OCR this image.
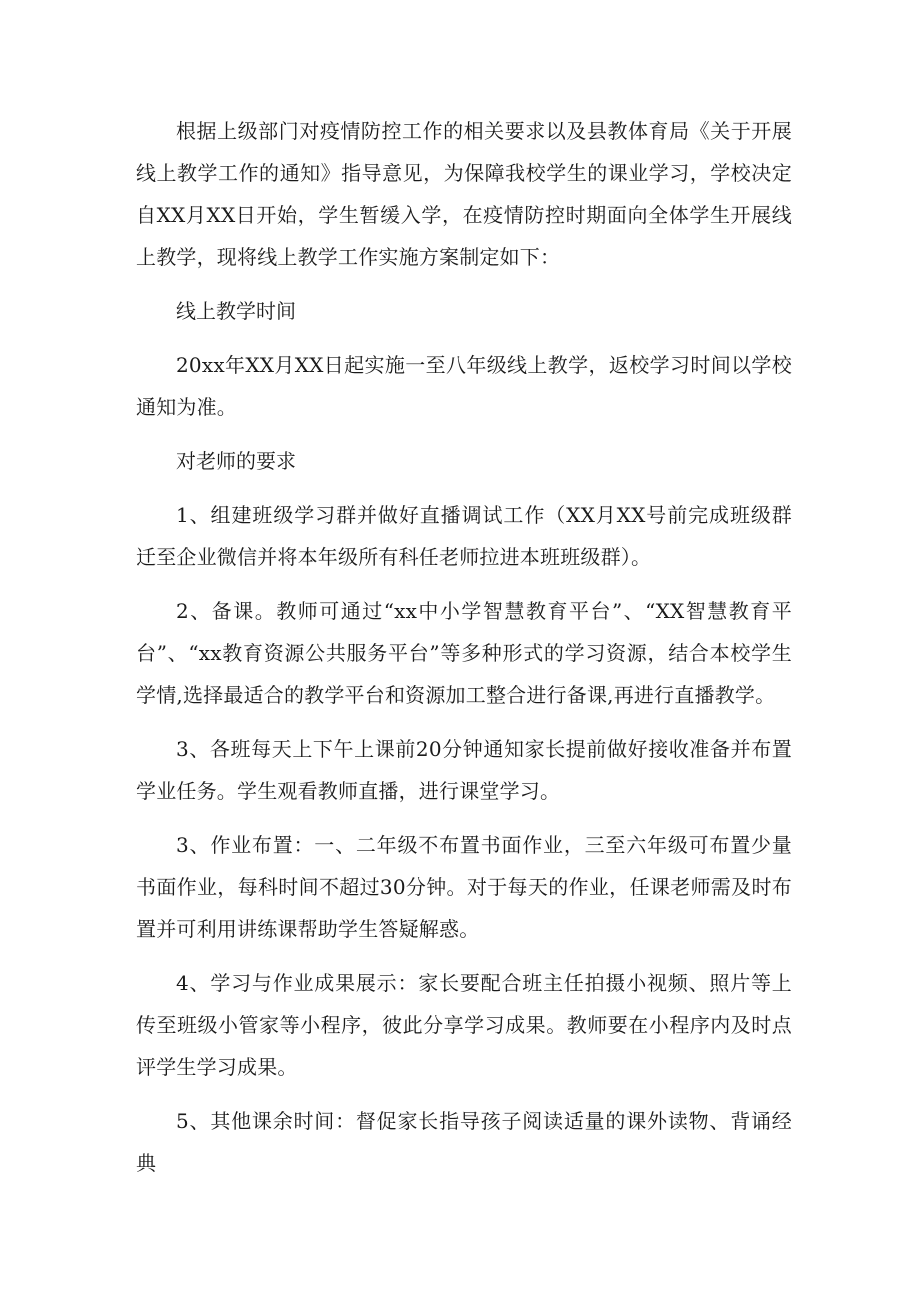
根据上级部门对疫情防控工作的相关要求以及县教体育局《关于开展线上教学工作的通知》指导意见，为保障我校学生的课业学习，学校决定自XX月XX日开始，学生暂缓入学，在疫情防控时期面向全体学生开展线上教学，现将线上教学工作实施方案制定如下：

线上教学时间

20xx年XX月XX日起实施一至八年级线上教学，返校学习时间以学校通知为准。

对老师的要求

1、组建班级学习群并做好直播调试工作（XX月XX号前完成班级群迁至企业微信并将本年级所有科任老师拉进本班班级群）。

2、备课。教师可通过“xx中小学智慧教育平台”、“XX智慧教育平台”、“xx教育资源公共服务平台”等多种形式的学习资源，结合本校学生学情,选择最适合的教学平台和资源加工整合进行备课,再进行直播教学。

3、各班每天上下午上课前20分钟通知家长提前做好接收准备并布置学业任务。学生观看教师直播，进行课堂学习。

3、作业布置：一、二年级不布置书面作业，三至六年级可布置少量书面作业，每科时间不超过30分钟。对于每天的作业，任课老师需及时布置并可利用讲练课帮助学生答疑解惑。

4、学习与作业成果展示：家长要配合班主任拍摄小视频、照片等上传至班级小管家等小程序，彼此分享学习成果。教师要在小程序内及时点评学生学习成果。

5、其他课余时间：督促家长指导孩子阅读适量的课外读物、背诵经典
